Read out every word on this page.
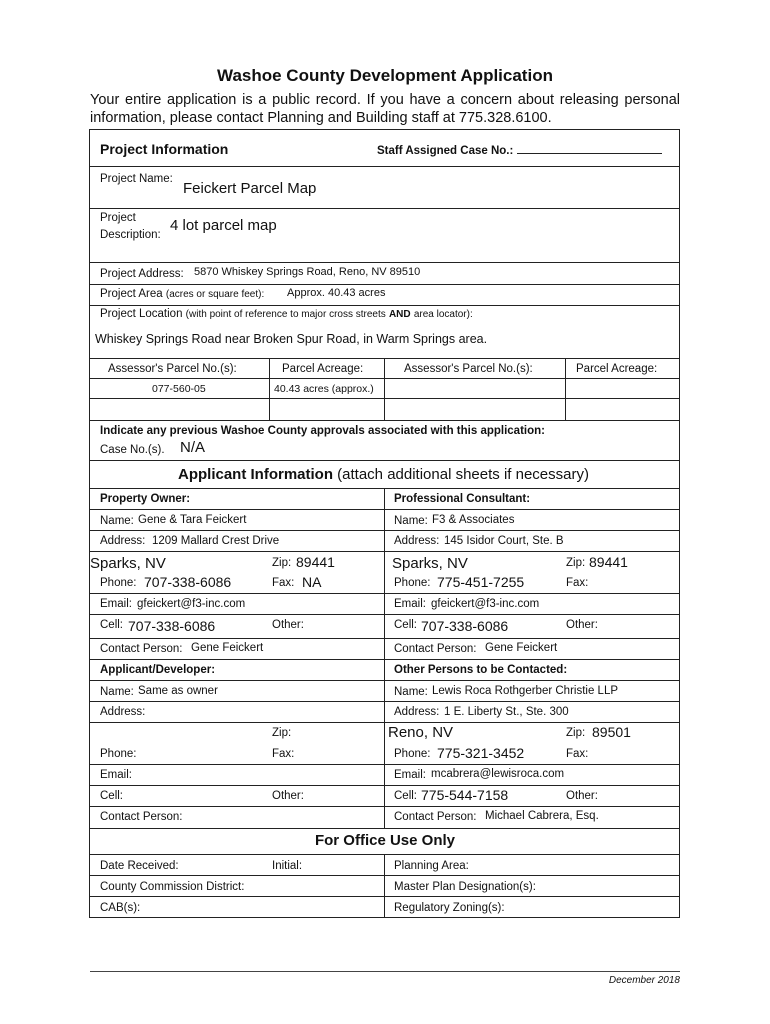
Washoe County Development Application
Your entire application is a public record. If you have a concern about releasing personal information, please contact Planning and Building staff at 775.328.6100.
Project Information	Staff Assigned Case No.:
Project Name:
Feickert Parcel Map
Project
Description:
4 lot parcel map
Project Address: 5870 Whiskey Springs Road, Reno, NV 89510
Project Area (acres or square feet): Approx. 40.43 acres
Project Location (with point of reference to major cross streets AND area locator):
Whiskey Springs Road near Broken Spur Road, in Warm Springs area.
Assessor's Parcel No.(s):	Parcel Acreage:	Assessor's Parcel No.(s):	Parcel Acreage:
077-560-05	40.43 acres (approx.)
Indicate any previous Washoe County approvals associated with this application:
Case No.(s). N/A
Applicant Information (attach additional sheets if necessary)
Property Owner:
Name: Gene & Tara Feickert
Address: 1209 Mallard Crest Drive
Sparks, NV	Zip: 89441
Phone: 707-338-6086	Fax: NA
Email: gfeickert@f3-inc.com
Cell: 707-338-6086	Other:
Contact Person: Gene Feickert
Professional Consultant:
Name: F3 & Associates
Address: 145 Isidor Court, Ste. B
Sparks, NV	Zip: 89441
Phone: 775-451-7255	Fax:
Email: gfeickert@f3-inc.com
Cell: 707-338-6086	Other:
Contact Person: Gene Feickert
Applicant/Developer:
Name: Same as owner
Address:
Zip:
Phone:	Fax:
Email:
Cell:	Other:
Contact Person:
Other Persons to be Contacted:
Name: Lewis Roca Rothgerber Christie LLP
Address: 1 E. Liberty St., Ste. 300
Reno, NV	Zip: 89501
Phone: 775-321-3452	Fax:
Email: mcabrera@lewisroca.com
Cell: 775-544-7158	Other:
Contact Person: Michael Cabrera, Esq.
For Office Use Only
Date Received:	Initial:	Planning Area:
County Commission District:	Master Plan Designation(s):
CAB(s):	Regulatory Zoning(s):
December 2018
